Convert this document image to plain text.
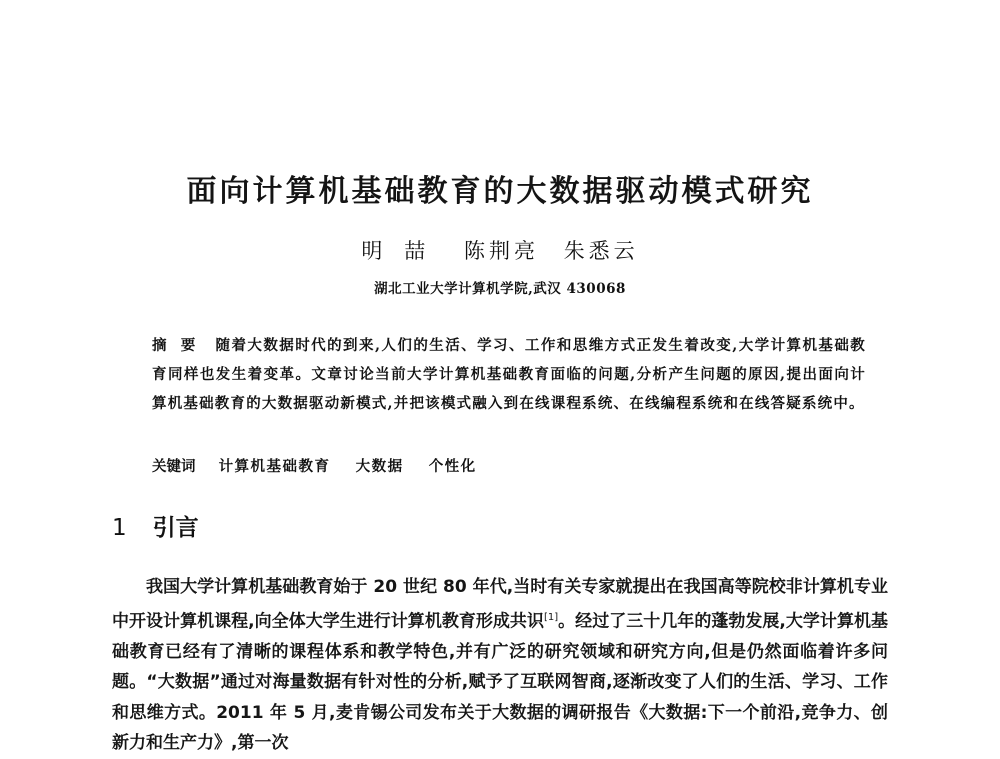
面向计算机基础教育的大数据驱动模式研究
明喆 陈荆亮 朱悉云
湖北工业大学计算机学院,武汉 430068
摘要 随着大数据时代的到来,人们的生活、学习、工作和思维方式正发生着改变,大学计算机基础教育同样也发生着变革。文章讨论当前大学计算机基础教育面临的问题,分析产生问题的原因,提出面向计算机基础教育的大数据驱动新模式,并把该模式融入到在线课程系统、在线编程系统和在线答疑系统中。
关键词 计算机基础教育 大数据 个性化
1 引言

我国大学计算机基础教育始于 20 世纪 80 年代,当时有关专家就提出在我国高等院校非计算机专业中开设计算机课程,向全体大学生进行计算机教育形成共识[1]。经过了三十几年的蓬勃发展,大学计算机基础教育已经有了清晰的课程体系和教学特色,并有广泛的研究领域和研究方向,但是仍然面临着许多问题。“大数据”通过对海量数据有针对性的分析,赋予了互联网智商,逐渐改变了人们的生活、学习、工作和思维方式。2011 年 5 月,麦肯锡公司发布关于大数据的调研报告《大数据:下一个前沿,竞争力、创新力和生产力》,第一次
